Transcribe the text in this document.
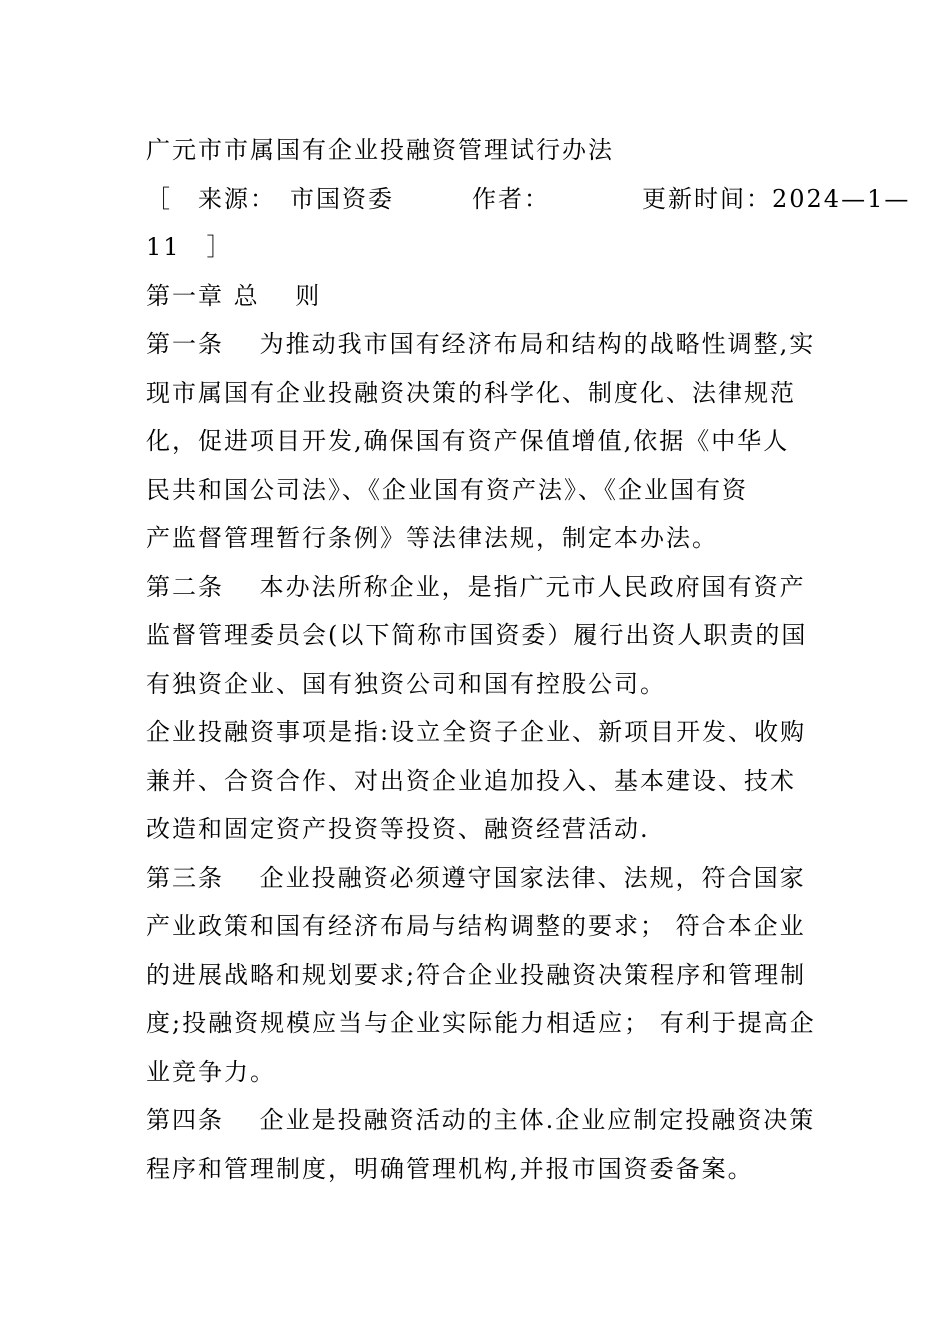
广元市市属国有企业投融资管理试行办法
［　来源：　市国资委　　　作者：　　　　更新时间：2024—1—
11　］
第一章 总　 则
第一条　 为推动我市国有经济布局和结构的战略性调整,实
现市属国有企业投融资决策的科学化、制度化、法律规范
化，促进项目开发,确保国有资产保值增值,依据《中华人
民共和国公司法》、《企业国有资产法》、《企业国有资
产监督管理暂行条例》等法律法规，制定本办法。
第二条　 本办法所称企业，是指广元市人民政府国有资产
监督管理委员会(以下简称市国资委）履行出资人职责的国
有独资企业、国有独资公司和国有控股公司。
企业投融资事项是指:设立全资子企业、新项目开发、收购
兼并、合资合作、对出资企业追加投入、基本建设、技术
改造和固定资产投资等投资、融资经营活动.
第三条　 企业投融资必须遵守国家法律、法规，符合国家
产业政策和国有经济布局与结构调整的要求； 符合本企业
的进展战略和规划要求;符合企业投融资决策程序和管理制
度;投融资规模应当与企业实际能力相适应； 有利于提高企
业竞争力。
第四条　 企业是投融资活动的主体.企业应制定投融资决策
程序和管理制度，明确管理机构,并报市国资委备案。
